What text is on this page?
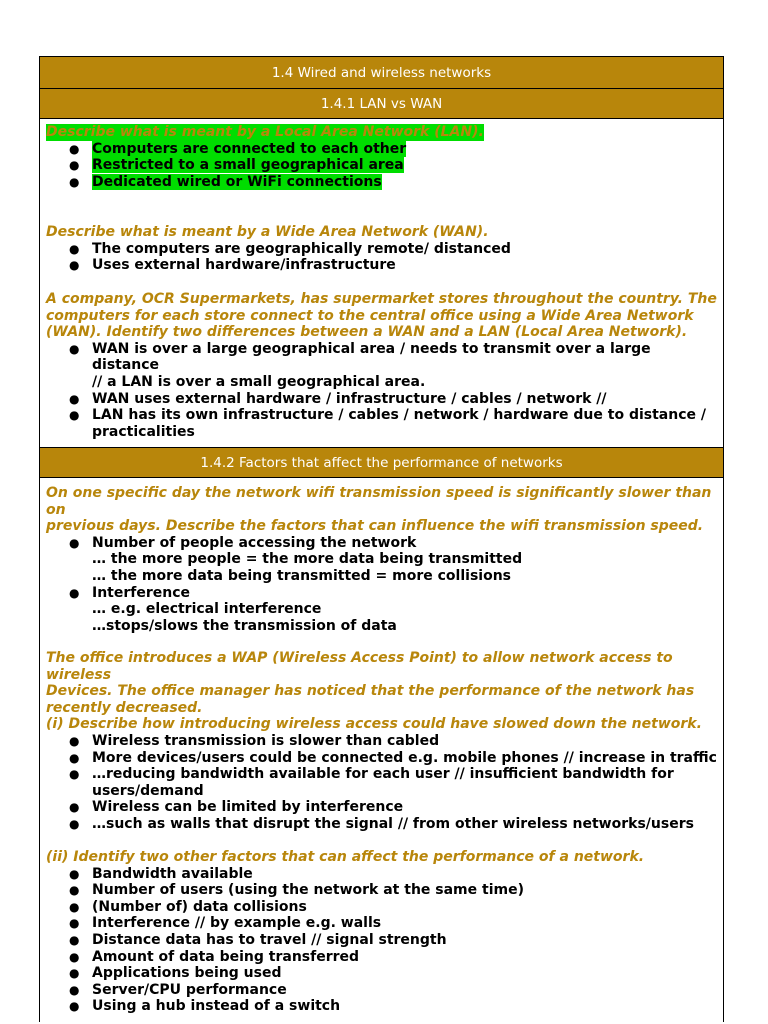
1.4 Wired and wireless networks
1.4.1 LAN vs WAN

Describe what is meant by a Local Area Network (LAN).

● Computers are connected to each other
● Restricted to a small geographical area
● Dedicated wired or WiFi connections

Describe what is meant by a Wide Area Network (WAN).

● The computers are geographically remote/ distanced
● Uses external hardware/infrastructure

A company, OCR Supermarkets, has supermarket stores throughout the country. The

computers for each store connect to the central office using a Wide Area Network

(WAN). Identify two differences between a WAN and a LAN (Local Area Network).

● WAN is over a large geographical area / needs to transmit over a large distance
// a LAN is over a small geographical area.
● WAN uses external hardware / infrastructure / cables / network //
● LAN has its own infrastructure / cables / network / hardware due to distance /
practicalities
1.4.2 Factors that affect the performance of networks

On one specific day the network wifi transmission speed is significantly slower than

on

previous days. Describe the factors that can influence the wifi transmission speed.

● Number of people accessing the network
… the more people = the more data being transmitted
… the more data being transmitted = more collisions
● Interference
… e.g. electrical interference
…stops/slows the transmission of data

The office introduces a WAP (Wireless Access Point) to allow network access to

wireless

Devices. The office manager has noticed that the performance of the network has

recently decreased.

(i) Describe how introducing wireless access could have slowed down the network.

● Wireless transmission is slower than cabled
● More devices/users could be connected e.g. mobile phones // increase in traffic
● …reducing bandwidth available for each user // insufficient bandwidth for
users/demand
● Wireless can be limited by interference
● …such as walls that disrupt the signal // from other wireless networks/users

(ii) Identify two other factors that can affect the performance of a network.

● Bandwidth available
● Number of users (using the network at the same time)
● (Number of) data collisions
● Interference // by example e.g. walls
● Distance data has to travel // signal strength
● Amount of data being transferred
● Applications being used
● Server/CPU performance
● Using a hub instead of a switch
